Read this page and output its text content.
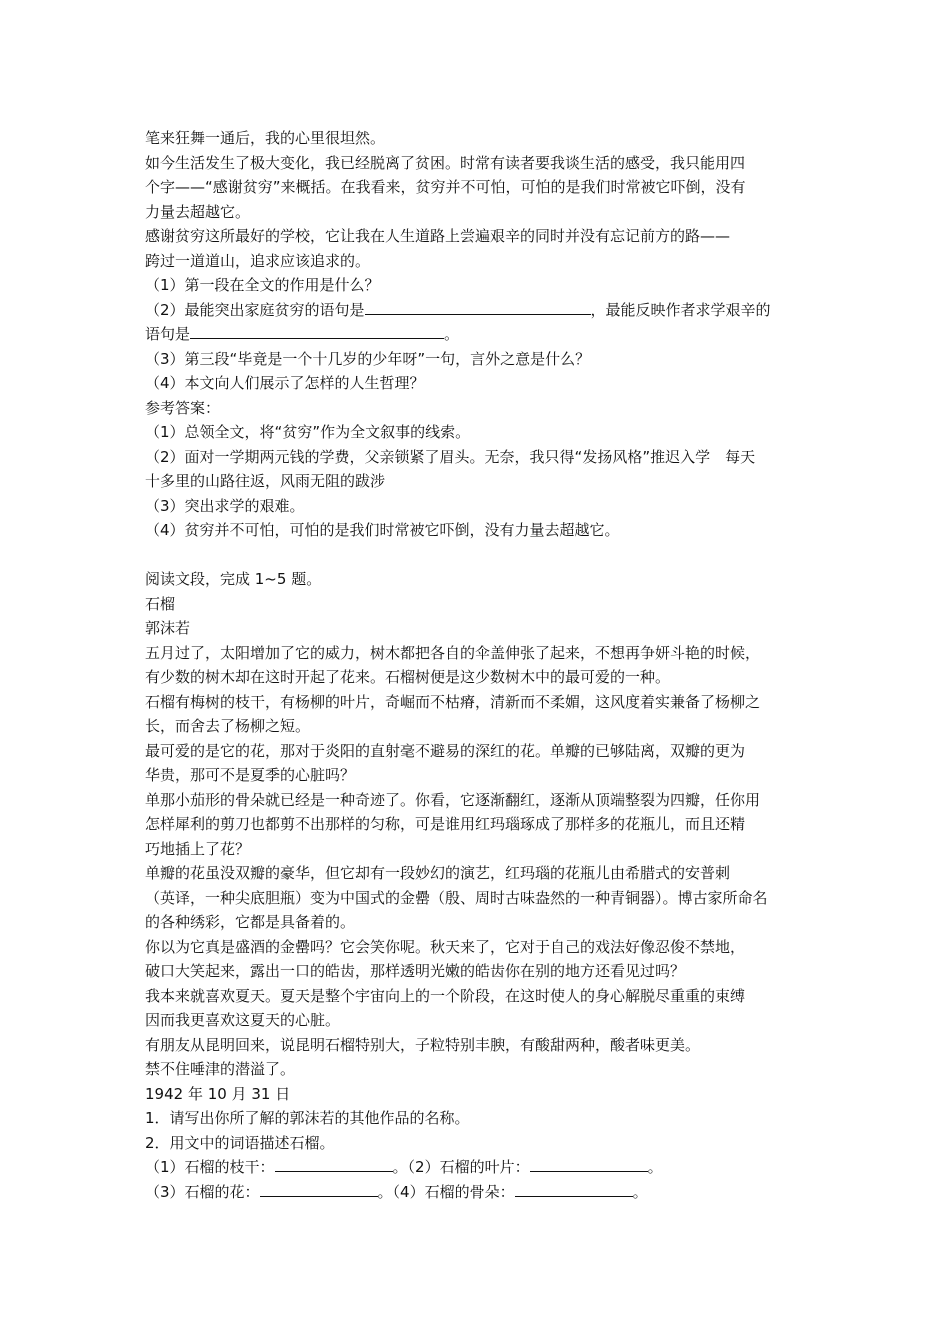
笔来狂舞一通后，我的心里很坦然。

如今生活发生了极大变化，我已经脱离了贫困。时常有读者要我谈生活的感受，我只能用四

个字——“感谢贫穷”来概括。在我看来，贫穷并不可怕，可怕的是我们时常被它吓倒，没有

力量去超越它。

感谢贫穷这所最好的学校，它让我在人生道路上尝遍艰辛的同时并没有忘记前方的路——

跨过一道道山，追求应该追求的。

（1）第一段在全文的作用是什么？

（2）最能突出家庭贫穷的语句是	，最能反映作者求学艰辛的

语句是	。

（3）第三段“毕竟是一个十几岁的少年呀”一句，言外之意是什么？

（4）本文向人们展示了怎样的人生哲理？

参考答案：

（1）总领全文，将“贫穷”作为全文叙事的线索。

（2）面对一学期两元钱的学费，父亲锁紧了眉头。无奈，我只得“发扬风格”推迟入学　每天

十多里的山路往返，风雨无阻的跋涉

（3）突出求学的艰难。

（4）贫穷并不可怕，可怕的是我们时常被它吓倒，没有力量去超越它。

阅读文段，完成 1~5 题。

石榴

郭沫若

五月过了，太阳增加了它的威力，树木都把各自的伞盖伸张了起来，不想再争妍斗艳的时候，

有少数的树木却在这时开起了花来。石榴树便是这少数树木中的最可爱的一种。

石榴有梅树的枝干，有杨柳的叶片，奇崛而不枯瘠，清新而不柔媚，这风度着实兼备了杨柳之

长，而舍去了杨柳之短。

最可爱的是它的花，那对于炎阳的直射毫不避易的深红的花。单瓣的已够陆离，双瓣的更为

华贵，那可不是夏季的心脏吗？

单那小茄形的骨朵就已经是一种奇迹了。你看，它逐渐翻红，逐渐从顶端整裂为四瓣，任你用

怎样犀利的剪刀也都剪不出那样的匀称，可是谁用红玛瑙琢成了那样多的花瓶儿，而且还精

巧地插上了花？

单瓣的花虽没双瓣的豪华，但它却有一段妙幻的演艺，红玛瑙的花瓶儿由希腊式的安普刺

（英译，一种尖底胆瓶）变为中国式的金罍（殷、周时古味盎然的一种青铜器）。博古家所命名

的各种绣彩，它都是具备着的。

你以为它真是盛酒的金罍吗？它会笑你呢。秋天来了，它对于自己的戏法好像忍俊不禁地，

破口大笑起来，露出一口的皓齿，那样透明光嫩的皓齿你在别的地方还看见过吗？

我本来就喜欢夏天。夏天是整个宇宙向上的一个阶段，在这时使人的身心解脱尽重重的束缚

因而我更喜欢这夏天的心脏。

有朋友从昆明回来，说昆明石榴特别大，子粒特别丰腴，有酸甜两种，酸者味更美。

禁不住唾津的潜溢了。

1942 年 10 月 31 日

1．请写出你所了解的郭沫若的其他作品的名称。

2．用文中的词语描述石榴。

（1）石榴的枝干：	。（2）石榴的叶片：	。

（3）石榴的花：	。（4）石榴的骨朵：	。
